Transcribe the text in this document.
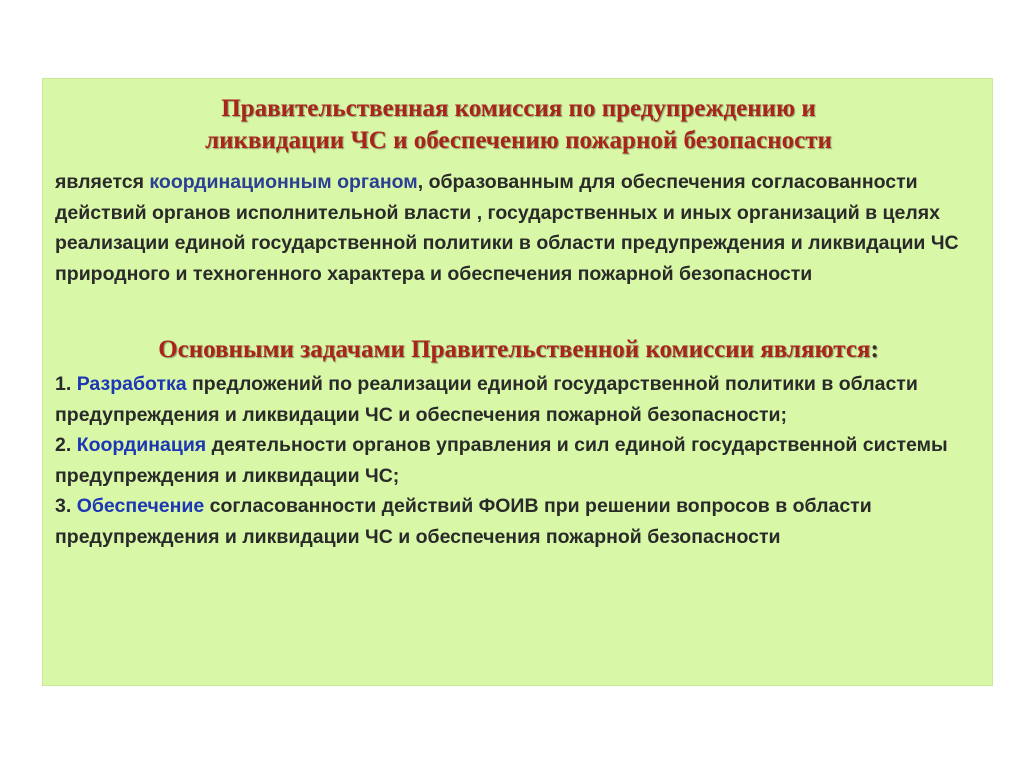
Правительственная комиссия по предупреждению и
ликвидации ЧС и обеспечению пожарной безопасности

является координационным органом, образованным для обеспечения согласованности действий органов исполнительной власти , государственных и иных организаций в целях реализации единой государственной политики в области предупреждения и ликвидации ЧС природного и техногенного характера и обеспечения пожарной безопасности

Основными задачами Правительственной комиссии являются:
1. Разработка предложений по реализации единой государственной политики в области предупреждения и ликвидации ЧС и обеспечения пожарной безопасности;
2. Координация деятельности органов управления и сил единой государственной системы предупреждения и ликвидации ЧС;
3. Обеспечение согласованности действий ФОИВ при решении вопросов в области предупреждения и ликвидации ЧС и обеспечения пожарной безопасности
